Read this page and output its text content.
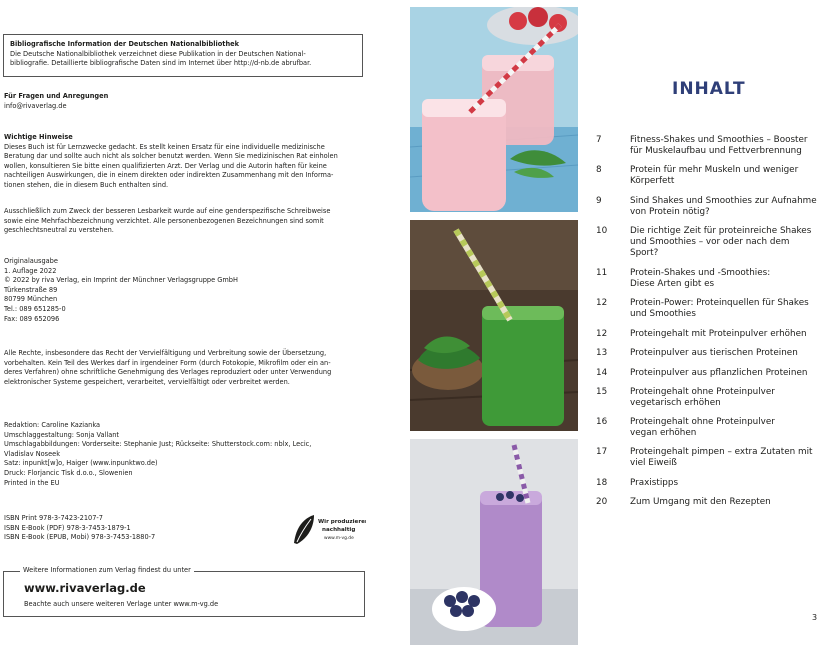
Bibliografische Information der Deutschen Nationalbibliothek
Die Deutsche Nationalbibliothek verzeichnet diese Publikation in der Deutschen National-
bibliografie. Detaillierte bibliografische Daten sind im Internet über http://d-nb.de abrufbar.
Für Fragen und Anregungen
info@rivaverlag.de
Wichtige Hinweise
Dieses Buch ist für Lernzwecke gedacht. Es stellt keinen Ersatz für eine individuelle medizinische
Beratung dar und sollte auch nicht als solcher benutzt werden. Wenn Sie medizinischen Rat einholen
wollen, konsultieren Sie bitte einen qualifizierten Arzt. Der Verlag und die Autorin haften für keine
nachteiligen Auswirkungen, die in einem direkten oder indirekten Zusammenhang mit den Informa-
tionen stehen, die in diesem Buch enthalten sind.
Ausschließlich zum Zweck der besseren Lesbarkeit wurde auf eine genderspezifische Schreibweise
sowie eine Mehrfachbezeichnung verzichtet. Alle personenbezogenen Bezeichnungen sind somit
geschlechtsneutral zu verstehen.
Originalausgabe
1. Auflage 2022
© 2022 by riva Verlag, ein Imprint der Münchner Verlagsgruppe GmbH
Türkenstraße 89
80799 München
Tel.: 089 651285-0
Fax: 089 652096
Alle Rechte, insbesondere das Recht der Vervielfältigung und Verbreitung sowie der Übersetzung,
vorbehalten. Kein Teil des Werkes darf in irgendeiner Form (durch Fotokopie, Mikrofilm oder ein an-
deres Verfahren) ohne schriftliche Genehmigung des Verlages reproduziert oder unter Verwendung
elektronischer Systeme gespeichert, verarbeitet, vervielfältigt oder verbreitet werden.
Redaktion: Caroline Kazianka
Umschlaggestaltung: Sonja Vallant
Umschlagabbildungen: Vorderseite: Stephanie Just; Rückseite: Shutterstock.com: nblx, Lecic,
Vladislav Noseek
Satz: inpunkt[w]o, Haiger (www.inpunktwo.de)
Druck: Florjancic Tisk d.o.o., Slowenien
Printed in the EU
ISBN Print 978-3-7423-2107-7
ISBN E-Book (PDF) 978-3-7453-1879-1
ISBN E-Book (EPUB, Mobi) 978-3-7453-1880-7
Wir produzieren
nachhaltig
www.m-vg.de
Weitere Informationen zum Verlag findest du unter
www.rivaverlag.de
Beachte auch unsere weiteren Verlage unter www.m-vg.de
INHALT
7	Fitness-Shakes und Smoothies – Booster
für Muskelaufbau und Fettverbrennung
8	Protein für mehr Muskeln und weniger
Körperfett
9	Sind Shakes und Smoothies zur Aufnahme
von Protein nötig?
10	Die richtige Zeit für proteinreiche Shakes
und Smoothies – vor oder nach dem
Sport?
11	Protein-Shakes und -Smoothies:
Diese Arten gibt es
12	Protein-Power: Proteinquellen für Shakes
und Smoothies
12	Proteingehalt mit Proteinpulver erhöhen
13	Proteinpulver aus tierischen Proteinen
14	Proteinpulver aus pflanzlichen Proteinen
15	Proteingehalt ohne Proteinpulver
vegetarisch erhöhen
16	Proteingehalt ohne Proteinpulver
vegan erhöhen
17	Proteingehalt pimpen – extra Zutaten mit
viel Eiweiß
18	Praxistipps
20	Zum Umgang mit den Rezepten
3
